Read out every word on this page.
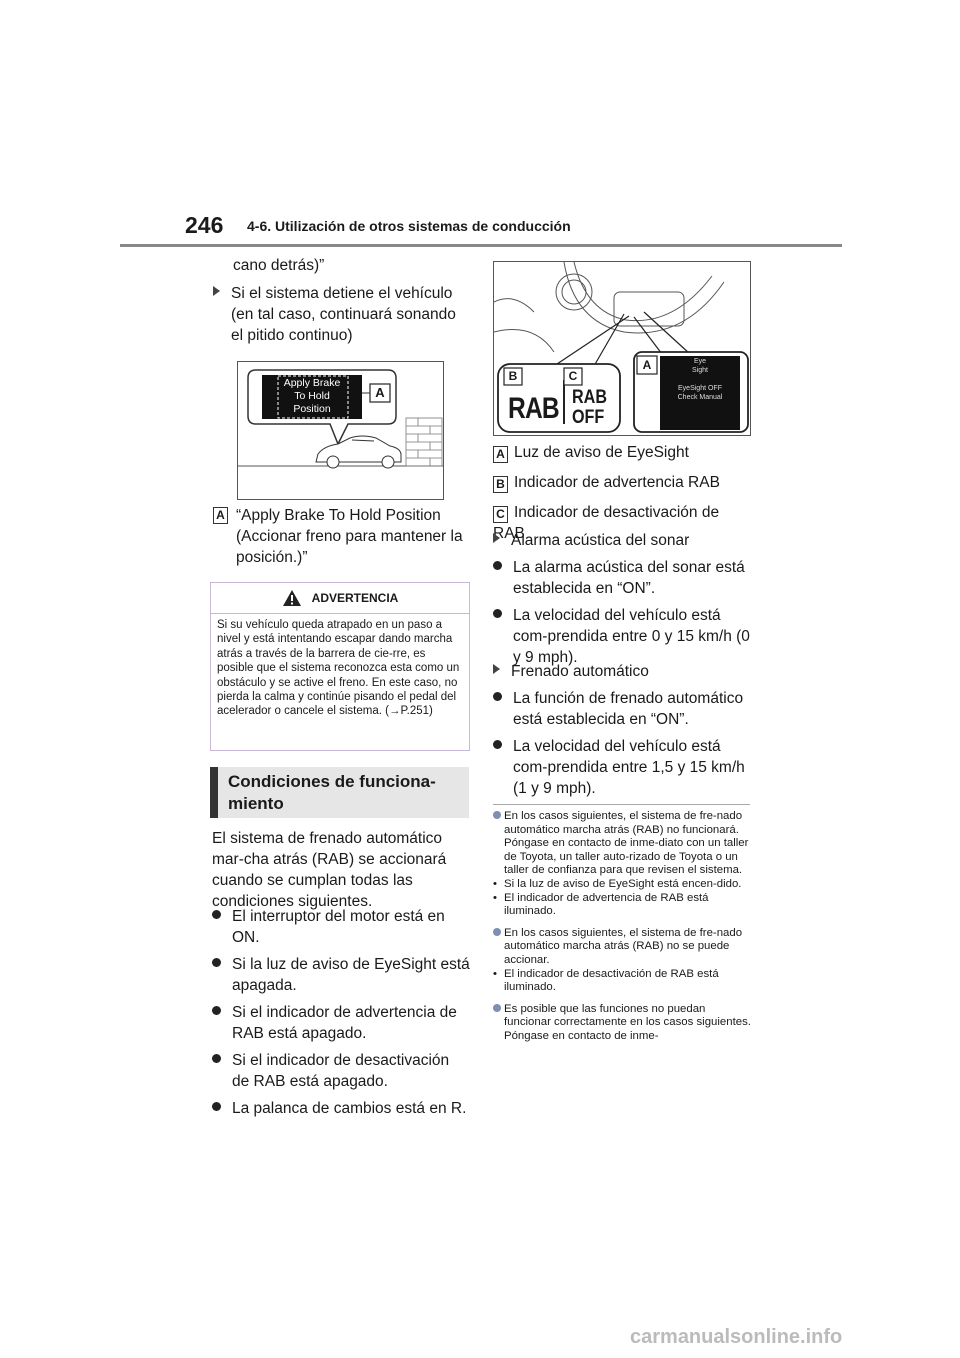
246 4-6. Utilización de otros sistemas de conducción
cano detrás)”
Si el sistema detiene el vehículo (en tal caso, continuará sonando el pitido continuo)
Apply Brake
To Hold
Position
A
A “Apply Brake To Hold Position (Accionar freno para mantener la posición.)”
ADVERTENCIA
Si su vehículo queda atrapado en un paso a nivel y está intentando escapar dando marcha atrás a través de la barrera de cie-rre, es posible que el sistema reconozca esta como un obstáculo y se active el freno. En este caso, no pierda la calma y continúe pisando el pedal del acelerador o cancele el sistema. (→P.251)
Condiciones de funciona-miento
El sistema de frenado automático mar-cha atrás (RAB) se accionará cuando se cumplan todas las condiciones siguientes.
El interruptor del motor está en ON.
Si la luz de aviso de EyeSight está apagada.
Si el indicador de advertencia de RAB está apagado.
Si el indicador de desactivación de RAB está apagado.
La palanca de cambios está en R.
B	C
A
RAB RAB
OFF
Eye
Sight
EyeSight OFF
Check Manual
A Luz de aviso de EyeSight
B Indicador de advertencia RAB
C Indicador de desactivación de RAB
Alarma acústica del sonar
La alarma acústica del sonar está establecida en “ON”.
La velocidad del vehículo está com-prendida entre 0 y 15 km/h (0 y 9 mph).
Frenado automático
La función de frenado automático está establecida en “ON”.
La velocidad del vehículo está com-prendida entre 1,5 y 15 km/h (1 y 9 mph).
En los casos siguientes, el sistema de fre-nado automático marcha atrás (RAB) no funcionará. Póngase en contacto de inme-diato con un taller de Toyota, un taller auto-rizado de Toyota o un taller de confianza para que revisen el sistema.
• Si la luz de aviso de EyeSight está encen-dido.
• El indicador de advertencia de RAB está iluminado.
En los casos siguientes, el sistema de fre-nado automático marcha atrás (RAB) no se puede accionar.
• El indicador de desactivación de RAB está iluminado.
Es posible que las funciones no puedan funcionar correctamente en los casos siguientes. Póngase en contacto de inme-
carmanualsonline.info
